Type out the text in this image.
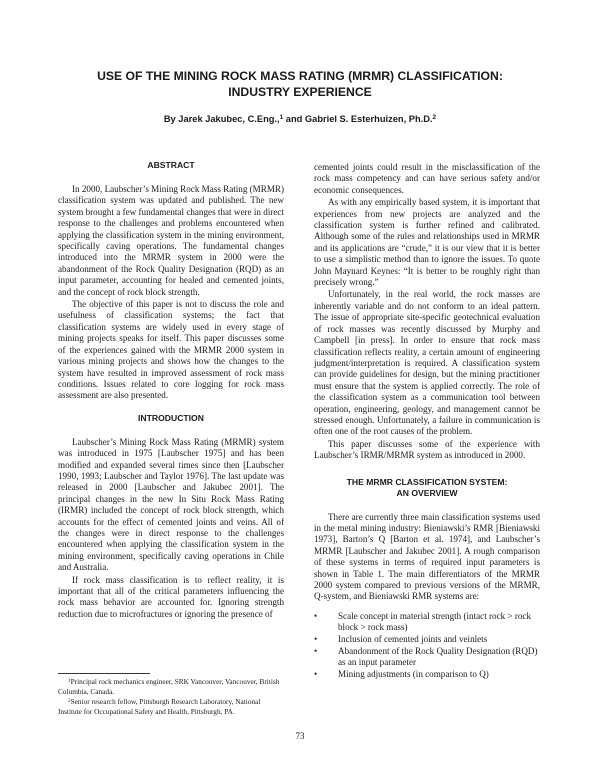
USE OF THE MINING ROCK MASS RATING (MRMR) CLASSIFICATION:
INDUSTRY EXPERIENCE

By Jarek Jakubec, C.Eng.,$^1$ and Gabriel S. Esterhuizen, Ph.D.$^2$

ABSTRACT

In 2000, Laubscher’s Mining Rock Mass Rating (MRMR) classification system was updated and published. The new system brought a few fundamental changes that were in direct response to the challenges and problems encountered when applying the classification system in the mining environment, specifically caving operations. The fundamental changes introduced into the MRMR system in 2000 were the abandonment of the Rock Quality Designation (RQD) as an input parameter, accounting for healed and cemented joints, and the concept of rock block strength.

The objective of this paper is not to discuss the role and usefulness of classification systems; the fact that classification systems are widely used in every stage of mining projects speaks for itself. This paper discusses some of the experiences gained with the MRMR 2000 system in various mining projects and shows how the changes to the system have resulted in improved assessment of rock mass conditions. Issues related to core logging for rock mass assessment are also presented.

INTRODUCTION

Laubscher’s Mining Rock Mass Rating (MRMR) system was introduced in 1975 [Laubscher 1975] and has been modified and expanded several times since then [Laubscher 1990, 1993; Laubscher and Taylor 1976]. The last update was released in 2000 [Laubscher and Jakubec 2001]. The principal changes in the new In Situ Rock Mass Rating (IRMR) included the concept of rock block strength, which accounts for the effect of cemented joints and veins. All of the changes were in direct response to the challenges encountered when applying the classification system in the mining environment, specifically caving operations in Chile and Australia.

If rock mass classification is to reflect reality, it is important that all of the critical parameters influencing the rock mass behavior are accounted for. Ignoring strength reduction due to microfractures or ignoring the presence of

cemented joints could result in the misclassification of the rock mass competency and can have serious safety and/or economic consequences.

As with any empirically based system, it is important that experiences from new projects are analyzed and the classification system is further refined and calibrated. Although some of the rules and relationships used in MRMR and its applications are “crude,” it is our view that it is better to use a simplistic method than to ignore the issues. To quote John Maynard Keynes: “It is better to be roughly right than precisely wrong.”

Unfortunately, in the real world, the rock masses are inherently variable and do not conform to an ideal pattern. The issue of appropriate site-specific geotechnical evaluation of rock masses was recently discussed by Murphy and Campbell [in press]. In order to ensure that rock mass classification reflects reality, a certain amount of engineering judgment/interpretation is required. A classification system can provide guidelines for design, but the mining practitioner must ensure that the system is applied correctly. The role of the classification system as a communication tool between operation, engineering, geology, and management cannot be stressed enough. Unfortunately, a failure in communication is often one of the root causes of the problem.

This paper discusses some of the experience with Laubscher’s IRMR/MRMR system as introduced in 2000.

THE MRMR CLASSIFICATION SYSTEM:
AN OVERVIEW

There are currently three main classification systems used in the metal mining industry: Bieniawski’s RMR [Bieniawski 1973], Barton’s Q [Barton et al. 1974], and Laubscher’s MRMR [Laubscher and Jakubec 2001]. A rough comparison of these systems in terms of required input parameters is shown in Table 1. The main differentiators of the MRMR 2000 system compared to previous versions of the MRMR, Q-system, and Bieniawski RMR systems are:

• Scale concept in material strength (intact rock > rock block > rock mass)
• Inclusion of cemented joints and veinlets
• Abandonment of the Rock Quality Designation (RQD) as an input parameter
• Mining adjustments (in comparison to Q)

$^1$Principal rock mechanics engineer, SRK Vancouver, Vancouver, British Columbia, Canada.

$^2$Senior research fellow, Pittsburgh Research Laboratory, National Institute for Occupational Safety and Health, Pittsburgh, PA.

73
